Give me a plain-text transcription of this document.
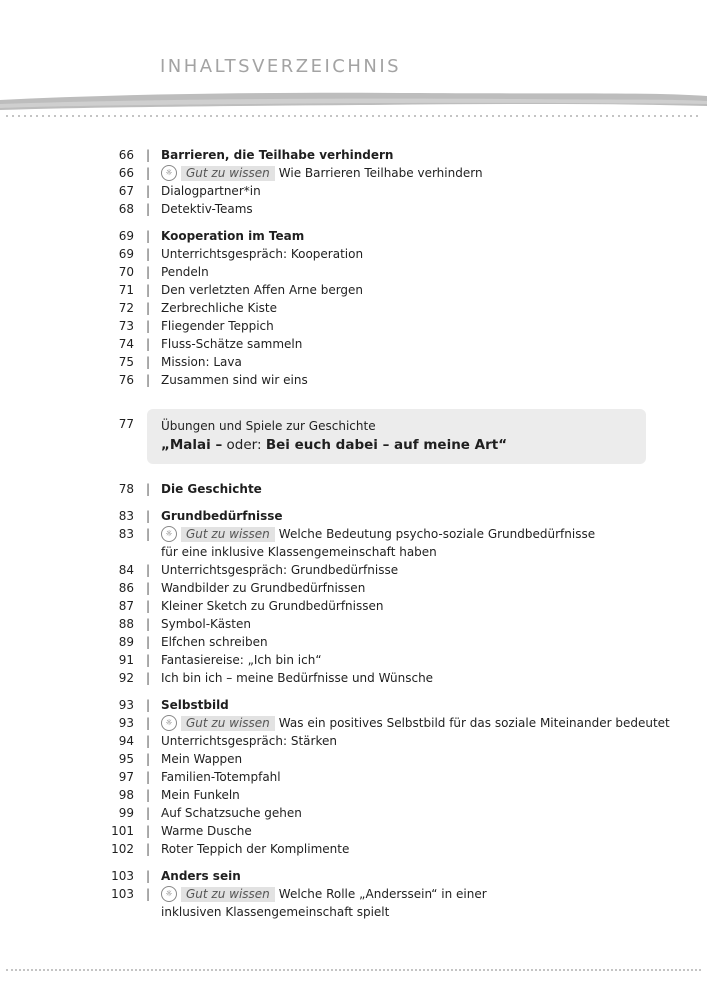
INHALTSVERZEICHNIS
66 | Barrieren, die Teilhabe verhindern
66 |	☼ Gut zu wissen Wie Barrieren Teilhabe verhindern
67 | Dialogpartner*in
68 | Detektiv-Teams
69 | Kooperation im Team
69 | Unterrichtsgespräch: Kooperation
70 | Pendeln
71 | Den verletzten Affen Arne bergen
72 | Zerbrechliche Kiste
73 | Fliegender Teppich
74 | Fluss-Schätze sammeln
75 | Mission: Lava
76 | Zusammen sind wir eins
77 Übungen und Spiele zur Geschichte
„Malai – oder: Bei euch dabei – auf meine Art“
78 | Die Geschichte
83 | Grundbedürfnisse
83 |	☼ Gut zu wissen Welche Bedeutung psycho-soziale Grundbedürfnisse
für eine inklusive Klassengemeinschaft haben
84 | Unterrichtsgespräch: Grundbedürfnisse
86 | Wandbilder zu Grundbedürfnissen
87 | Kleiner Sketch zu Grundbedürfnissen
88 | Symbol-Kästen
89 | Elfchen schreiben
91 | Fantasiereise: „Ich bin ich“
92 | Ich bin ich – meine Bedürfnisse und Wünsche
93 | Selbstbild
93 |	☼ Gut zu wissen Was ein positives Selbstbild für das soziale Miteinander bedeutet
94 | Unterrichtsgespräch: Stärken
95 | Mein Wappen
97 | Familien-Totempfahl
98 | Mein Funkeln
99 | Auf Schatzsuche gehen
101 | Warme Dusche
102 | Roter Teppich der Komplimente
103 | Anders sein
103 |	☼ Gut zu wissen Welche Rolle „Anderssein“ in einer
inklusiven Klassengemeinschaft spielt
